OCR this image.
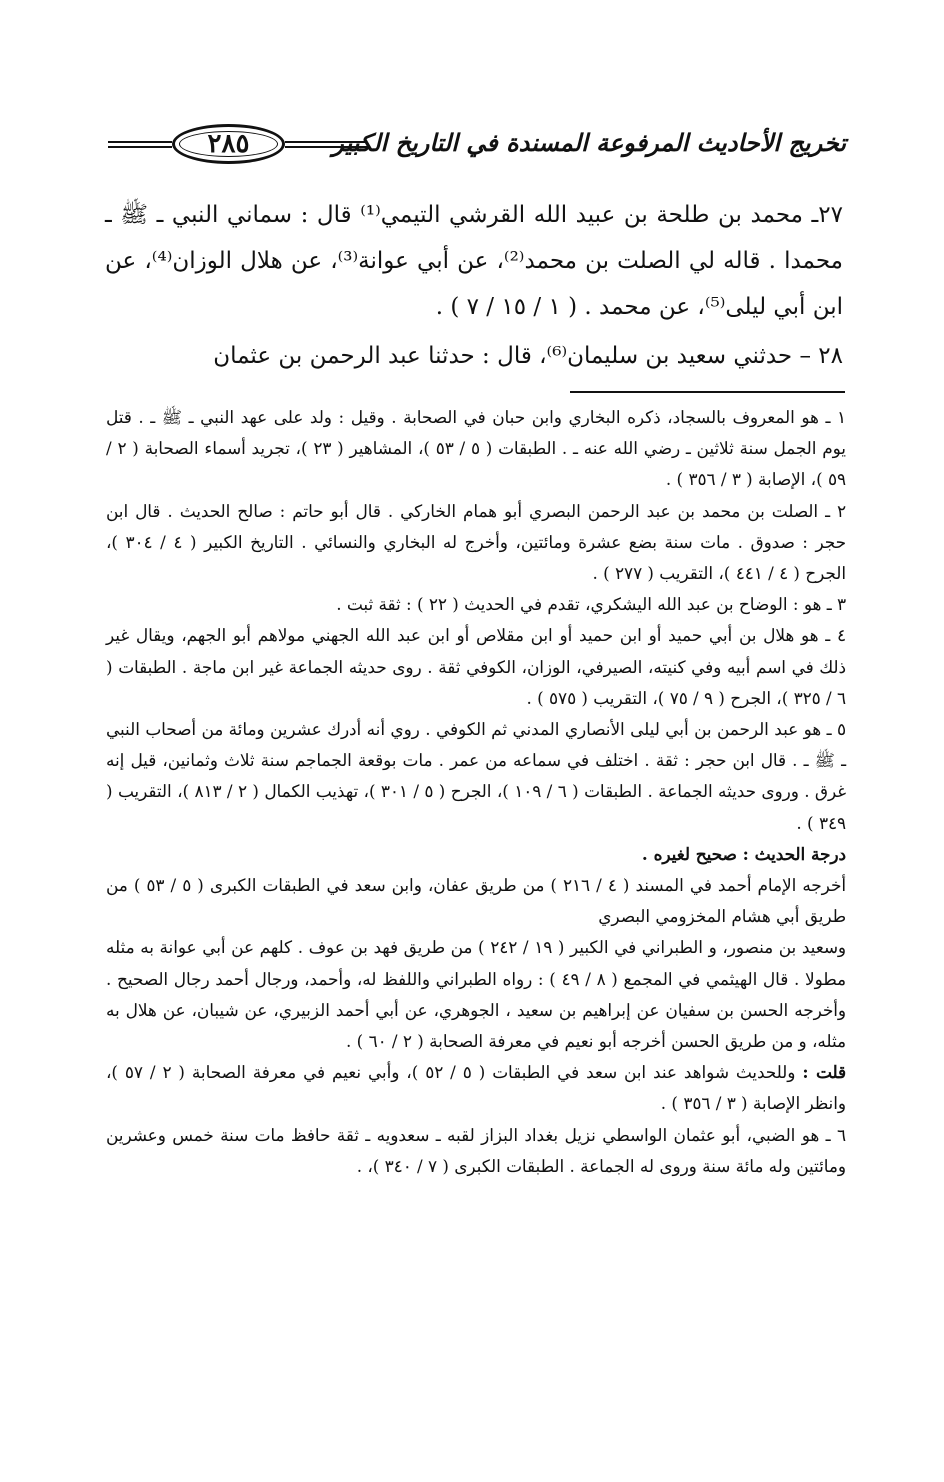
٢٨٥	تخريج الأحاديث المرفوعة المسندة في التاريخ الكبير

٢٧ـ محمد بن طلحة بن عبيد الله القرشي التيمي⁽¹⁾ قال : سماني النبي ـ ﷺ ـ محمدا . قاله لي الصلت بن محمد⁽²⁾، عن أبي عوانة⁽³⁾، عن هلال الوزان⁽⁴⁾، عن ابن أبي ليلى⁽⁵⁾، عن محمد . ( ١ / ١٥ / ٧ ) .

٢٨ – حدثني سعيد بن سليمان⁽⁶⁾، قال : حدثنا عبد الرحمن بن عثمان

١ ـ هو المعروف بالسجاد، ذكره البخاري وابن حبان في الصحابة . وقيل : ولد على عهد النبي ـ ﷺ ـ . قتل يوم الجمل سنة ثلاثين ـ رضي الله عنه ـ . الطبقات ( ٥ / ٥٣ )، المشاهير ( ٢٣ )، تجريد أسماء الصحابة ( ٢ / ٥٩ )، الإصابة ( ٣ / ٣٥٦ ) .

٢ ـ الصلت بن محمد بن عبد الرحمن البصري أبو همام الخاركي . قال أبو حاتم : صالح الحديث . قال ابن حجر : صدوق . مات سنة بضع عشرة ومائتين، وأخرج له البخاري والنسائي . التاريخ الكبير ( ٤ / ٣٠٤ )، الجرح ( ٤ / ٤٤١ )، التقريب ( ٢٧٧ ) .

٣ ـ هو : الوضاح بن عبد الله اليشكري، تقدم في الحديث ( ٢٢ ) : ثقة ثبت .

٤ ـ هو هلال بن أبي حميد أو ابن حميد أو ابن مقلاص أو ابن عبد الله الجهني مولاهم أبو الجهم، ويقال غير ذلك في اسم أبيه وفي كنيته، الصيرفي، الوزان، الكوفي ثقة . روى حديثه الجماعة غير ابن ماجة . الطبقات ( ٦ / ٣٢٥ )، الجرح ( ٩ / ٧٥ )، التقريب ( ٥٧٥ ) .

٥ ـ هو عبد الرحمن بن أبي ليلى الأنصاري المدني ثم الكوفي . روي أنه أدرك عشرين ومائة من أصحاب النبي ـ ﷺ ـ . قال ابن حجر : ثقة . اختلف في سماعه من عمر . مات بوقعة الجماجم سنة ثلاث وثمانين، قيل إنه غرق . وروى حديثه الجماعة . الطبقات ( ٦ / ١٠٩ )، الجرح ( ٥ / ٣٠١ )، تهذيب الكمال ( ٢ / ٨١٣ )، التقريب ( ٣٤٩ ) .

درجة الحديث : صحيح لغيره .

أخرجه الإمام أحمد في المسند ( ٤ / ٢١٦ ) من طريق عفان، وابن سعد في الطبقات الكبرى ( ٥ / ٥٣ ) من طريق أبي هشام المخزومي البصري

وسعيد بن منصور، و الطبراني في الكبير ( ١٩ / ٢٤٢ ) من طريق فهد بن عوف . كلهم عن أبي عوانة به مثله مطولا . قال الهيثمي في المجمع ( ٨ / ٤٩ ) : رواه الطبراني واللفظ له، وأحمد، ورجال أحمد رجال الصحيح . وأخرجه الحسن بن سفيان عن إبراهيم بن سعيد ، الجوهري، عن أبي أحمد الزبيري، عن شيبان، عن هلال به مثله، و من طريق الحسن أخرجه أبو نعيم في معرفة الصحابة ( ٢ / ٦٠ ) .

قلت : وللحديث شواهد عند ابن سعد في الطبقات ( ٥ / ٥٢ )، وأبي نعيم في معرفة الصحابة ( ٢ / ٥٧ )، وانظر الإصابة ( ٣ / ٣٥٦ ) .

٦ ـ هو الضبي، أبو عثمان الواسطي نزيل بغداد البزاز لقبه ـ سعدويه ـ ثقة حافظ مات سنة خمس وعشرين ومائتين وله مائة سنة وروى له الجماعة . الطبقات الكبرى ( ٧ / ٣٤٠ )، .
